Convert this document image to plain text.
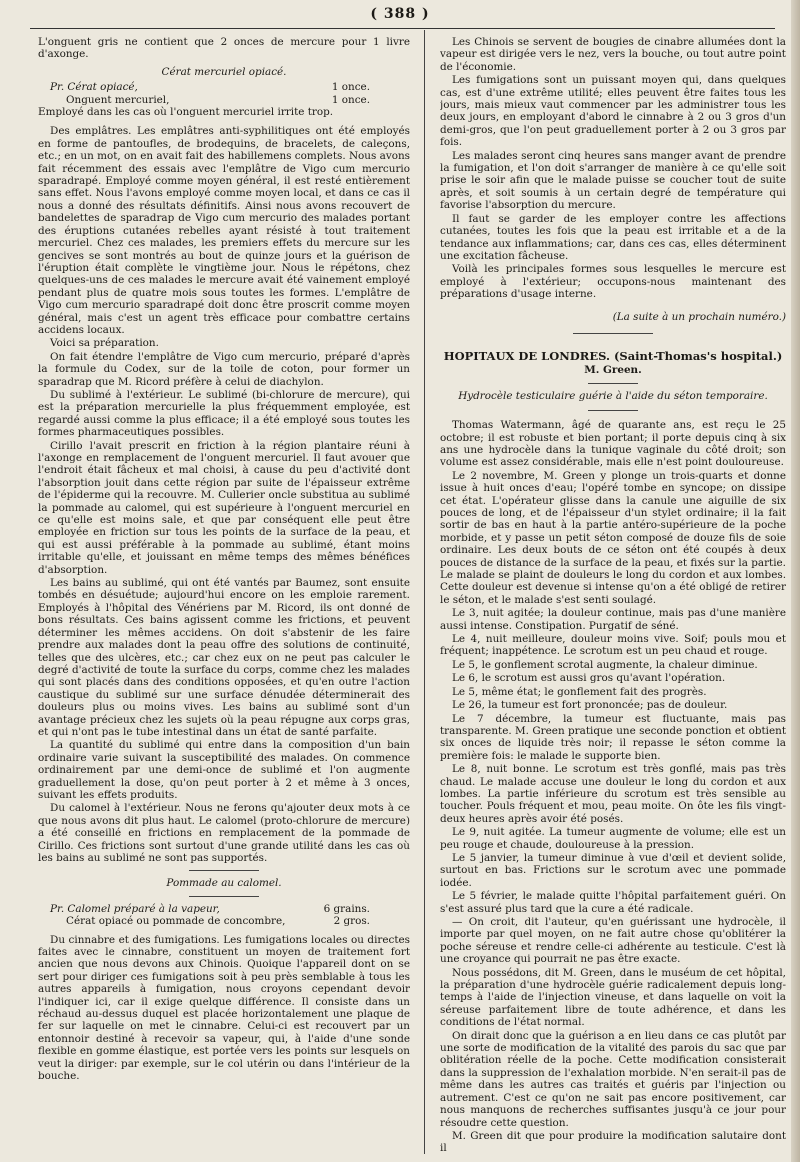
( 388 )

L'onguent gris ne contient que 2 onces de mercure pour 1 livre d'axonge.

Cérat mercuriel opiacé.

Pr. Cérat opiacé,	1 once.
Onguent mercuriel,	1 once.

Employé dans les cas où l'onguent mercuriel irrite trop.

Des emplâtres. Les emplâtres anti-syphilitiques ont été employés en forme de pantoufles, de brodequins, de bracelets, de caleçons, etc.; en un mot, on en avait fait des habillemens complets. Nous avons fait récemment des essais avec l'emplâtre de Vigo cum mercurio sparadrapé. Employé comme moyen général, il est resté entièrement sans effet. Nous l'avons employé comme moyen local, et dans ce cas il nous a donné des résultats définitifs. Ainsi nous avons recouvert de bandelettes de sparadrap de Vigo cum mercurio des malades portant des éruptions cutanées rebelles ayant résisté à tout traitement mercuriel. Chez ces malades, les premiers effets du mercure sur les gencives se sont montrés au bout de quinze jours et la guérison de l'éruption était complète le vingtième jour. Nous le répétons, chez quelques-uns de ces malades le mercure avait été vainement employé pendant plus de quatre mois sous toutes les formes. L'emplâtre de Vigo cum mercurio sparadrapé doit donc être proscrit comme moyen général, mais c'est un agent très efficace pour combattre certains accidens locaux.

Voici sa préparation.

On fait étendre l'emplâtre de Vigo cum mercurio, préparé d'après la formule du Codex, sur de la toile de coton, pour former un sparadrap que M. Ricord préfère à celui de diachylon.

Du sublimé à l'extérieur. Le sublimé (bi-chlorure de mercure), qui est la préparation mercurielle la plus fréquemment employée, est regardé aussi comme la plus efficace; il a été employé sous toutes les formes pharmaceutiques possibles.

Cirillo l'avait prescrit en friction à la région plantaire réuni à l'axonge en remplacement de l'onguent mercuriel. Il faut avouer que l'endroit était fâcheux et mal choisi, à cause du peu d'activité dont l'absorption jouit dans cette région par suite de l'épaisseur extrême de l'épiderme qui la recouvre. M. Cullerier oncle substitua au sublimé la pommade au calomel, qui est supérieure à l'onguent mercuriel en ce qu'elle est moins sale, et que par conséquent elle peut être employée en friction sur tous les points de la surface de la peau, et qui est aussi préférable à la pommade au sublimé, étant moins irritable qu'elle, et jouissant en même temps des mêmes bénéfices d'absorption.

Les bains au sublimé, qui ont été vantés par Baumez, sont ensuite tombés en désuétude; aujourd'hui encore on les emploie rarement. Employés à l'hôpital des Vénériens par M. Ricord, ils ont donné de bons résultats. Ces bains agissent comme les frictions, et peuvent déterminer les mêmes accidens. On doit s'abstenir de les faire prendre aux malades dont la peau offre des solutions de continuité, telles que des ulcères, etc.; car chez eux on ne peut pas calculer le degré d'activité de toute la surface du corps, comme chez les malades qui sont placés dans des conditions opposées, et qu'en outre l'action caustique du sublimé sur une surface dénudée déterminerait des douleurs plus ou moins vives. Les bains au sublimé sont d'un avantage précieux chez les sujets où la peau répugne aux corps gras, et qui n'ont pas le tube intestinal dans un état de santé parfaite.

La quantité du sublimé qui entre dans la composition d'un bain ordinaire varie suivant la susceptibilité des malades. On commence ordinairement par une demi-once de sublimé et l'on augmente graduellement la dose, qu'on peut porter à 2 et même à 3 onces, suivant les effets produits.

Du calomel à l'extérieur. Nous ne ferons qu'ajouter deux mots à ce que nous avons dit plus haut. Le calomel (proto-chlorure de mercure) a été conseillé en frictions en remplacement de la pommade de Cirillo. Ces frictions sont surtout d'une grande utilité dans les cas où les bains au sublimé ne sont pas supportés.

Pommade au calomel.

Pr. Calomel préparé à la vapeur,	6 grains.
Cérat opiacé ou pommade de concombre,	2 gros.

Du cinnabre et des fumigations. Les fumigations locales ou directes faites avec le cinnabre, constituent un moyen de traitement fort ancien que nous devons aux Chinois. Quoique l'appareil dont on se sert pour diriger ces fumigations soit à peu près semblable à tous les autres appareils à fumigation, nous croyons cependant devoir l'indiquer ici, car il exige quelque différence. Il consiste dans un réchaud au-dessus duquel est placée horizontalement une plaque de fer sur laquelle on met le cinnabre. Celui-ci est recouvert par un entonnoir destiné à recevoir sa vapeur, qui, à l'aide d'une sonde flexible en gomme élastique, est portée vers les points sur lesquels on veut la diriger: par exemple, sur le col utérin ou dans l'intérieur de la bouche.

Les Chinois se servent de bougies de cinabre allumées dont la vapeur est dirigée vers le nez, vers la bouche, ou tout autre point de l'économie.

Les fumigations sont un puissant moyen qui, dans quelques cas, est d'une extrême utilité; elles peuvent être faites tous les jours, mais mieux vaut commencer par les administrer tous les deux jours, en employant d'abord le cinnabre à 2 ou 3 gros d'un demi-gros, que l'on peut graduellement porter à 2 ou 3 gros par fois.

Les malades seront cinq heures sans manger avant de prendre la fumigation, et l'on doit s'arranger de manière à ce qu'elle soit prise le soir afin que le malade puisse se coucher tout de suite après, et soit soumis à un certain degré de température qui favorise l'absorption du mercure.

Il faut se garder de les employer contre les affections cutanées, toutes les fois que la peau est irritable et a de la tendance aux inflammations; car, dans ces cas, elles déterminent une excitation fâcheuse.

Voilà les principales formes sous lesquelles le mercure est employé à l'extérieur; occupons-nous maintenant des préparations d'usage interne.

(La suite à un prochain numéro.)

HOPITAUX DE LONDRES. (Saint-Thomas's hospital.)

M. Green.

Hydrocèle testiculaire guérie à l'aide du séton temporaire.

Thomas Watermann, âgé de quarante ans, est reçu le 25 octobre; il est robuste et bien portant; il porte depuis cinq à six ans une hydrocèle dans la tunique vaginale du côté droit; son volume est assez considérable, mais elle n'est point douloureuse.

Le 2 novembre, M. Green y plonge un trois-quarts et donne issue à huit onces d'eau; l'opéré tombe en syncope; on dissipe cet état. L'opérateur glisse dans la canule une aiguille de six pouces de long, et de l'épaisseur d'un stylet ordinaire; il la fait sortir de bas en haut à la partie antéro-supérieure de la poche morbide, et y passe un petit séton composé de douze fils de soie ordinaire. Les deux bouts de ce séton ont été coupés à deux pouces de distance de la surface de la peau, et fixés sur la partie. Le malade se plaint de douleurs le long du cordon et aux lombes. Cette douleur est devenue si intense qu'on a été obligé de retirer le séton, et le malade s'est senti soulagé.

Le 3, nuit agitée; la douleur continue, mais pas d'une manière aussi intense. Constipation. Purgatif de séné.

Le 4, nuit meilleure, douleur moins vive. Soif; pouls mou et fréquent; inappétence. Le scrotum est un peu chaud et rouge.

Le 5, le gonflement scrotal augmente, la chaleur diminue.

Le 6, le scrotum est aussi gros qu'avant l'opération.

Le 5, même état; le gonflement fait des progrès.

Le 26, la tumeur est fort prononcée; pas de douleur.

Le 7 décembre, la tumeur est fluctuante, mais pas transparente. M. Green pratique une seconde ponction et obtient six onces de liquide très noir; il repasse le séton comme la première fois: le malade le supporte bien.

Le 8, nuit bonne. Le scrotum est très gonflé, mais pas très chaud. Le malade accuse une douleur le long du cordon et aux lombes. La partie inférieure du scrotum est très sensible au toucher. Pouls fréquent et mou, peau moite. On ôte les fils vingt-deux heures après avoir été posés.

Le 9, nuit agitée. La tumeur augmente de volume; elle est un peu rouge et chaude, douloureuse à la pression.

Le 5 janvier, la tumeur diminue à vue d'œil et devient solide, surtout en bas. Frictions sur le scrotum avec une pommade iodée.

Le 5 février, le malade quitte l'hôpital parfaitement guéri. On s'est assuré plus tard que la cure a été radicale.

— On croit, dit l'auteur, qu'en guérissant une hydrocèle, il importe par quel moyen, on ne fait autre chose qu'oblitérer la poche séreuse et rendre celle-ci adhérente au testicule. C'est là une croyance qui pourrait ne pas être exacte.

Nous possédons, dit M. Green, dans le muséum de cet hôpital, la préparation d'une hydrocèle guérie radicalement depuis long-temps à l'aide de l'injection vineuse, et dans laquelle on voit la séreuse parfaitement libre de toute adhérence, et dans les conditions de l'état normal.

On dirait donc que la guérison a en lieu dans ce cas plutôt par une sorte de modification de la vitalité des parois du sac que par oblitération réelle de la poche. Cette modification consisterait dans la suppression de l'exhalation morbide. N'en serait-il pas de même dans les autres cas traités et guéris par l'injection ou autrement. C'est ce qu'on ne sait pas encore positivement, car nous manquons de recherches suffisantes jusqu'à ce jour pour résoudre cette question.

M. Green dit que pour produire la modification salutaire dont il
